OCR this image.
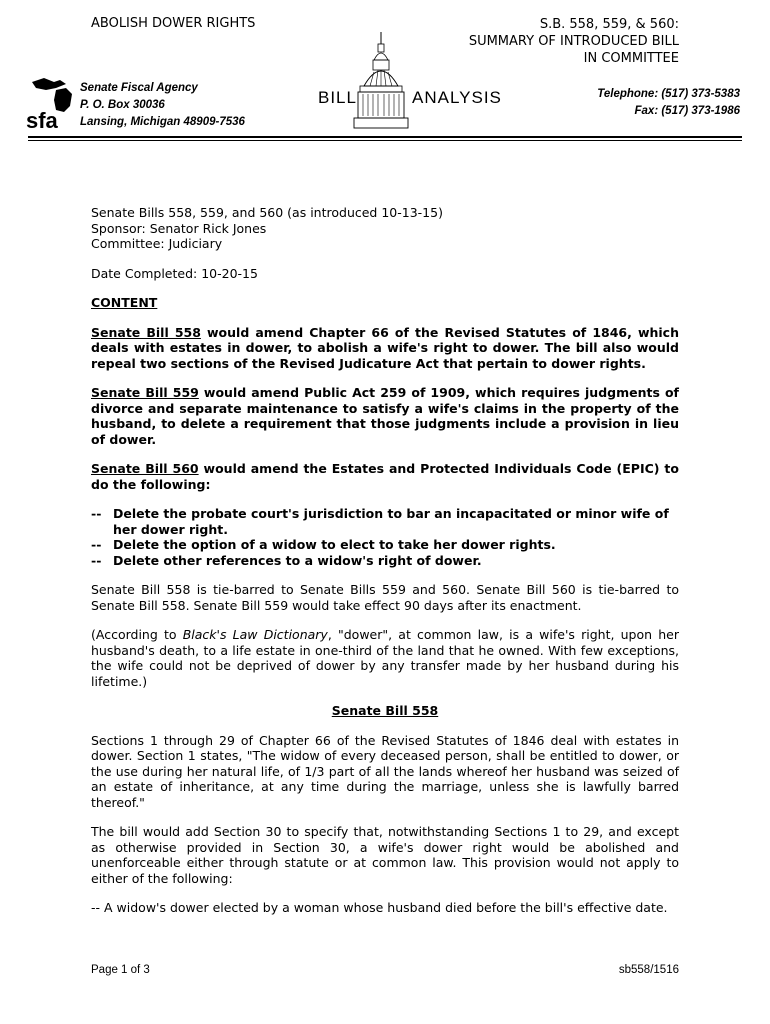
ABOLISH DOWER RIGHTS	S.B. 558, 559, & 560:
SUMMARY OF INTRODUCED BILL
IN COMMITTEE
sfa
Senate Fiscal Agency
P. O. Box 30036
Lansing, Michigan 48909-7536
BILL	ANALYSIS	Telephone: (517) 373-5383
Fax: (517) 373-1986

Senate Bills 558, 559, and 560 (as introduced 10-13-15)

Sponsor: Senator Rick Jones

Committee: Judiciary

Date Completed: 10-20-15

CONTENT

Senate Bill 558 would amend Chapter 66 of the Revised Statutes of 1846, which deals with estates in dower, to abolish a wife's right to dower. The bill also would repeal two sections of the Revised Judicature Act that pertain to dower rights.

Senate Bill 559 would amend Public Act 259 of 1909, which requires judgments of divorce and separate maintenance to satisfy a wife's claims in the property of the husband, to delete a requirement that those judgments include a provision in lieu of dower.

Senate Bill 560 would amend the Estates and Protected Individuals Code (EPIC) to do the following:

-- Delete the probate court's jurisdiction to bar an incapacitated or minor wife of her dower right.
-- Delete the option of a widow to elect to take her dower rights.
-- Delete other references to a widow's right of dower.

Senate Bill 558 is tie-barred to Senate Bills 559 and 560. Senate Bill 560 is tie-barred to Senate Bill 558. Senate Bill 559 would take effect 90 days after its enactment.

(According to Black's Law Dictionary, "dower", at common law, is a wife's right, upon her husband's death, to a life estate in one-third of the land that he owned. With few exceptions, the wife could not be deprived of dower by any transfer made by her husband during his lifetime.)

Senate Bill 558

Sections 1 through 29 of Chapter 66 of the Revised Statutes of 1846 deal with estates in dower. Section 1 states, "The widow of every deceased person, shall be entitled to dower, or the use during her natural life, of 1/3 part of all the lands whereof her husband was seized of an estate of inheritance, at any time during the marriage, unless she is lawfully barred thereof."

The bill would add Section 30 to specify that, notwithstanding Sections 1 to 29, and except as otherwise provided in Section 30, a wife's dower right would be abolished and unenforceable either through statute or at common law. This provision would not apply to either of the following:

-- A widow's dower elected by a woman whose husband died before the bill's effective date.

Page 1 of 3	sb558/1516
